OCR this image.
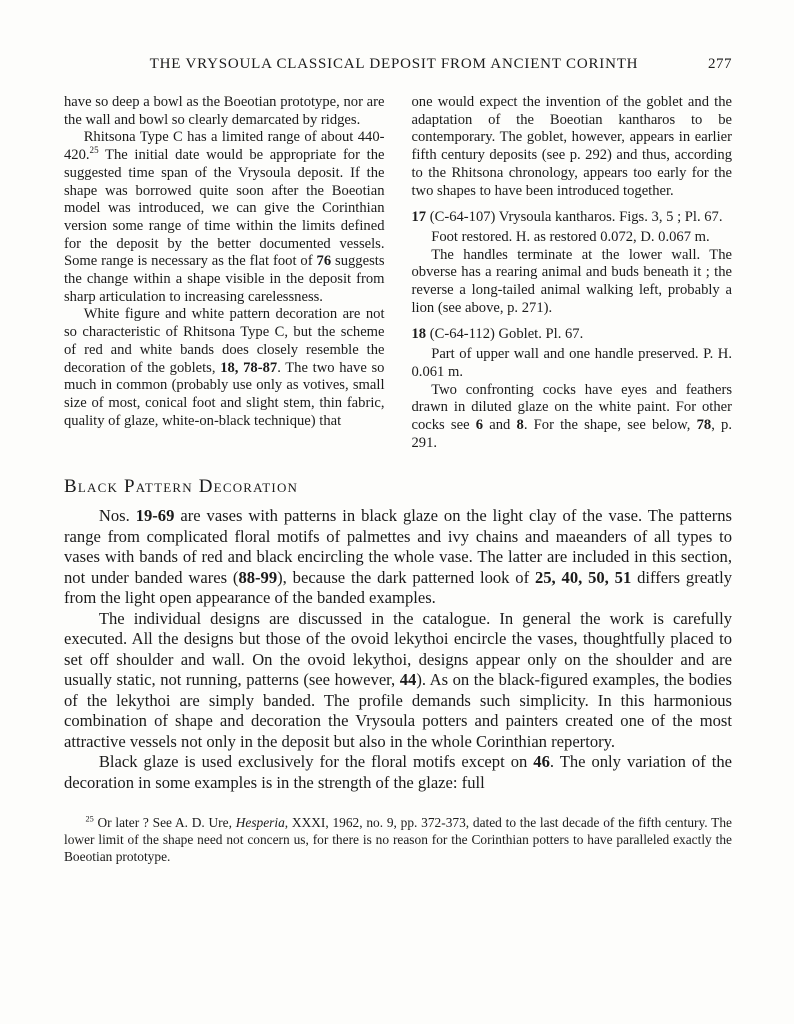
THE VRYSOULA CLASSICAL DEPOSIT FROM ANCIENT CORINTH	277

have so deep a bowl as the Boeotian prototype, nor are the wall and bowl so clearly demarcated by ridges.

Rhitsona Type C has a limited range of about 440-420.25 The initial date would be appropriate for the suggested time span of the Vrysoula deposit. If the shape was borrowed quite soon after the Boeotian model was introduced, we can give the Corinthian version some range of time within the limits defined for the deposit by the better documented vessels. Some range is necessary as the flat foot of 76 suggests the change within a shape visible in the deposit from sharp articulation to increasing carelessness.

White figure and white pattern decoration are not so characteristic of Rhitsona Type C, but the scheme of red and white bands does closely resemble the decoration of the goblets, 18, 78-87. The two have so much in common (probably use only as votives, small size of most, conical foot and slight stem, thin fabric, quality of glaze, white-on-black technique) that

one would expect the invention of the goblet and the adaptation of the Boeotian kantharos to be contemporary. The goblet, however, appears in earlier fifth century deposits (see p. 292) and thus, according to the Rhitsona chronology, appears too early for the two shapes to have been introduced together.

17 (C-64-107) Vrysoula kantharos. Figs. 3, 5 ; Pl. 67.

Foot restored. H. as restored 0.072, D. 0.067 m.

The handles terminate at the lower wall. The obverse has a rearing animal and buds beneath it ; the reverse a long-tailed animal walking left, probably a lion (see above, p. 271).

18 (C-64-112) Goblet. Pl. 67.

Part of upper wall and one handle preserved. P. H. 0.061 m.

Two confronting cocks have eyes and feathers drawn in diluted glaze on the white paint. For other cocks see 6 and 8. For the shape, see below, 78, p. 291.

Black Pattern Decoration

Nos. 19-69 are vases with patterns in black glaze on the light clay of the vase. The patterns range from complicated floral motifs of palmettes and ivy chains and maeanders of all types to vases with bands of red and black encircling the whole vase. The latter are included in this section, not under banded wares (88-99), because the dark patterned look of 25, 40, 50, 51 differs greatly from the light open appearance of the banded examples.

The individual designs are discussed in the catalogue. In general the work is carefully executed. All the designs but those of the ovoid lekythoi encircle the vases, thoughtfully placed to set off shoulder and wall. On the ovoid lekythoi, designs appear only on the shoulder and are usually static, not running, patterns (see however, 44). As on the black-figured examples, the bodies of the lekythoi are simply banded. The profile demands such simplicity. In this harmonious combination of shape and decoration the Vrysoula potters and painters created one of the most attractive vessels not only in the deposit but also in the whole Corinthian repertory.

Black glaze is used exclusively for the floral motifs except on 46. The only variation of the decoration in some examples is in the strength of the glaze: full

$^{25}$ Or later ? See A. D. Ure, Hesperia, XXXI, 1962, no. 9, pp. 372-373, dated to the last decade of the fifth century. The lower limit of the shape need not concern us, for there is no reason for the Corinthian potters to have paralleled exactly the Boeotian prototype.
